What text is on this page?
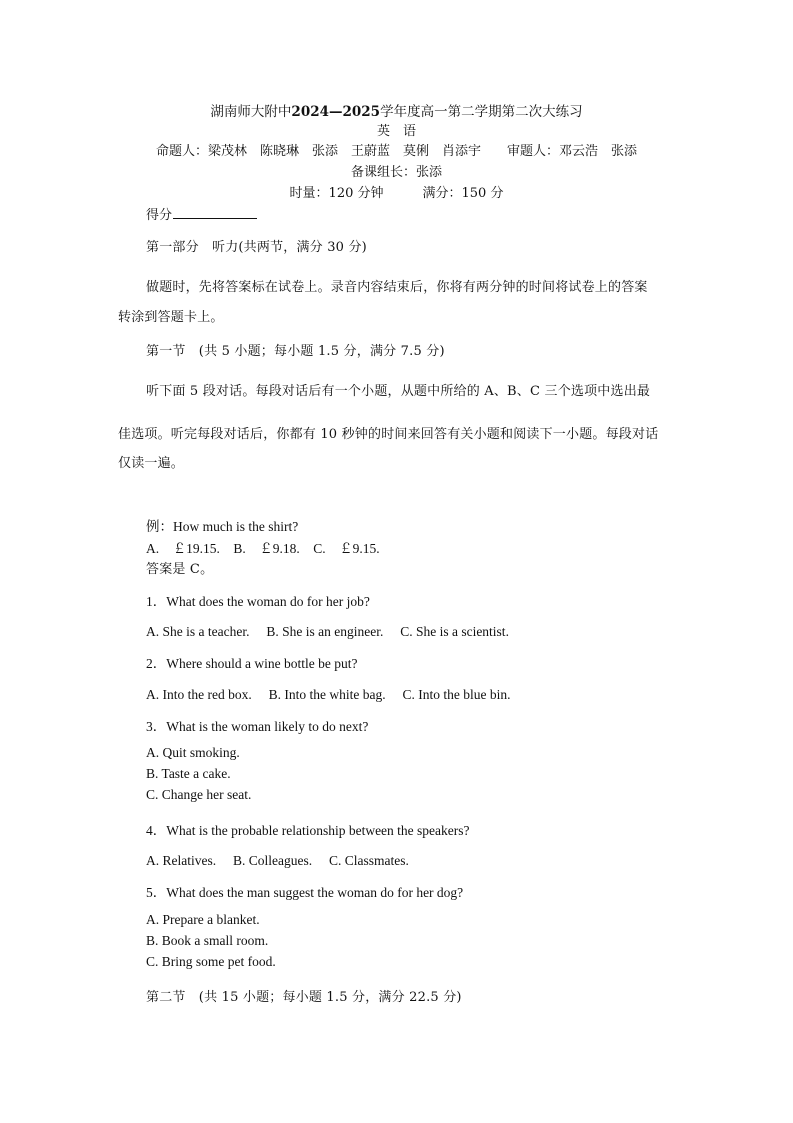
湖南师大附中2024—2025学年度高一第二学期第二次大练习
英　语
命题人：梁茂林　陈晓琳　张添　王蔚蓝　莫俐　肖添宇　　审题人：邓云浩　张添
备课组长：张添
时量：120 分钟　　　满分：150 分
得分
第一部分　听力(共两节，满分 30 分)
做题时，先将答案标在试卷上。录音内容结束后，你将有两分钟的时间将试卷上的答案
转涂到答题卡上。
第一节　(共 5 小题；每小题 1.5 分，满分 7.5 分)
听下面 5 段对话。每段对话后有一个小题，从题中所给的 A、B、C 三个选项中选出最
佳选项。听完每段对话后，你都有 10 秒钟的时间来回答有关小题和阅读下一小题。每段对话
仅读一遍。
例：How much is the shirt?
A.　￡19.15.　B.　￡9.18.　C.　￡9.15.
答案是 C。
1．What does the woman do for her job?
A. She is a teacher.　 B. She is an engineer.　 C. She is a scientist.
2．Where should a wine bottle be put?
A. Into the red box.　 B. Into the white bag.　 C. Into the blue bin.
3．What is the woman likely to do next?
A. Quit smoking.
B. Taste a cake.
C. Change her seat.
4．What is the probable relationship between the speakers?
A. Relatives.　 B. Colleagues.　 C. Classmates.
5．What does the man suggest the woman do for her dog?
A. Prepare a blanket.
B. Book a small room.
C. Bring some pet food.
第二节　(共 15 小题；每小题 1.5 分，满分 22.5 分)
